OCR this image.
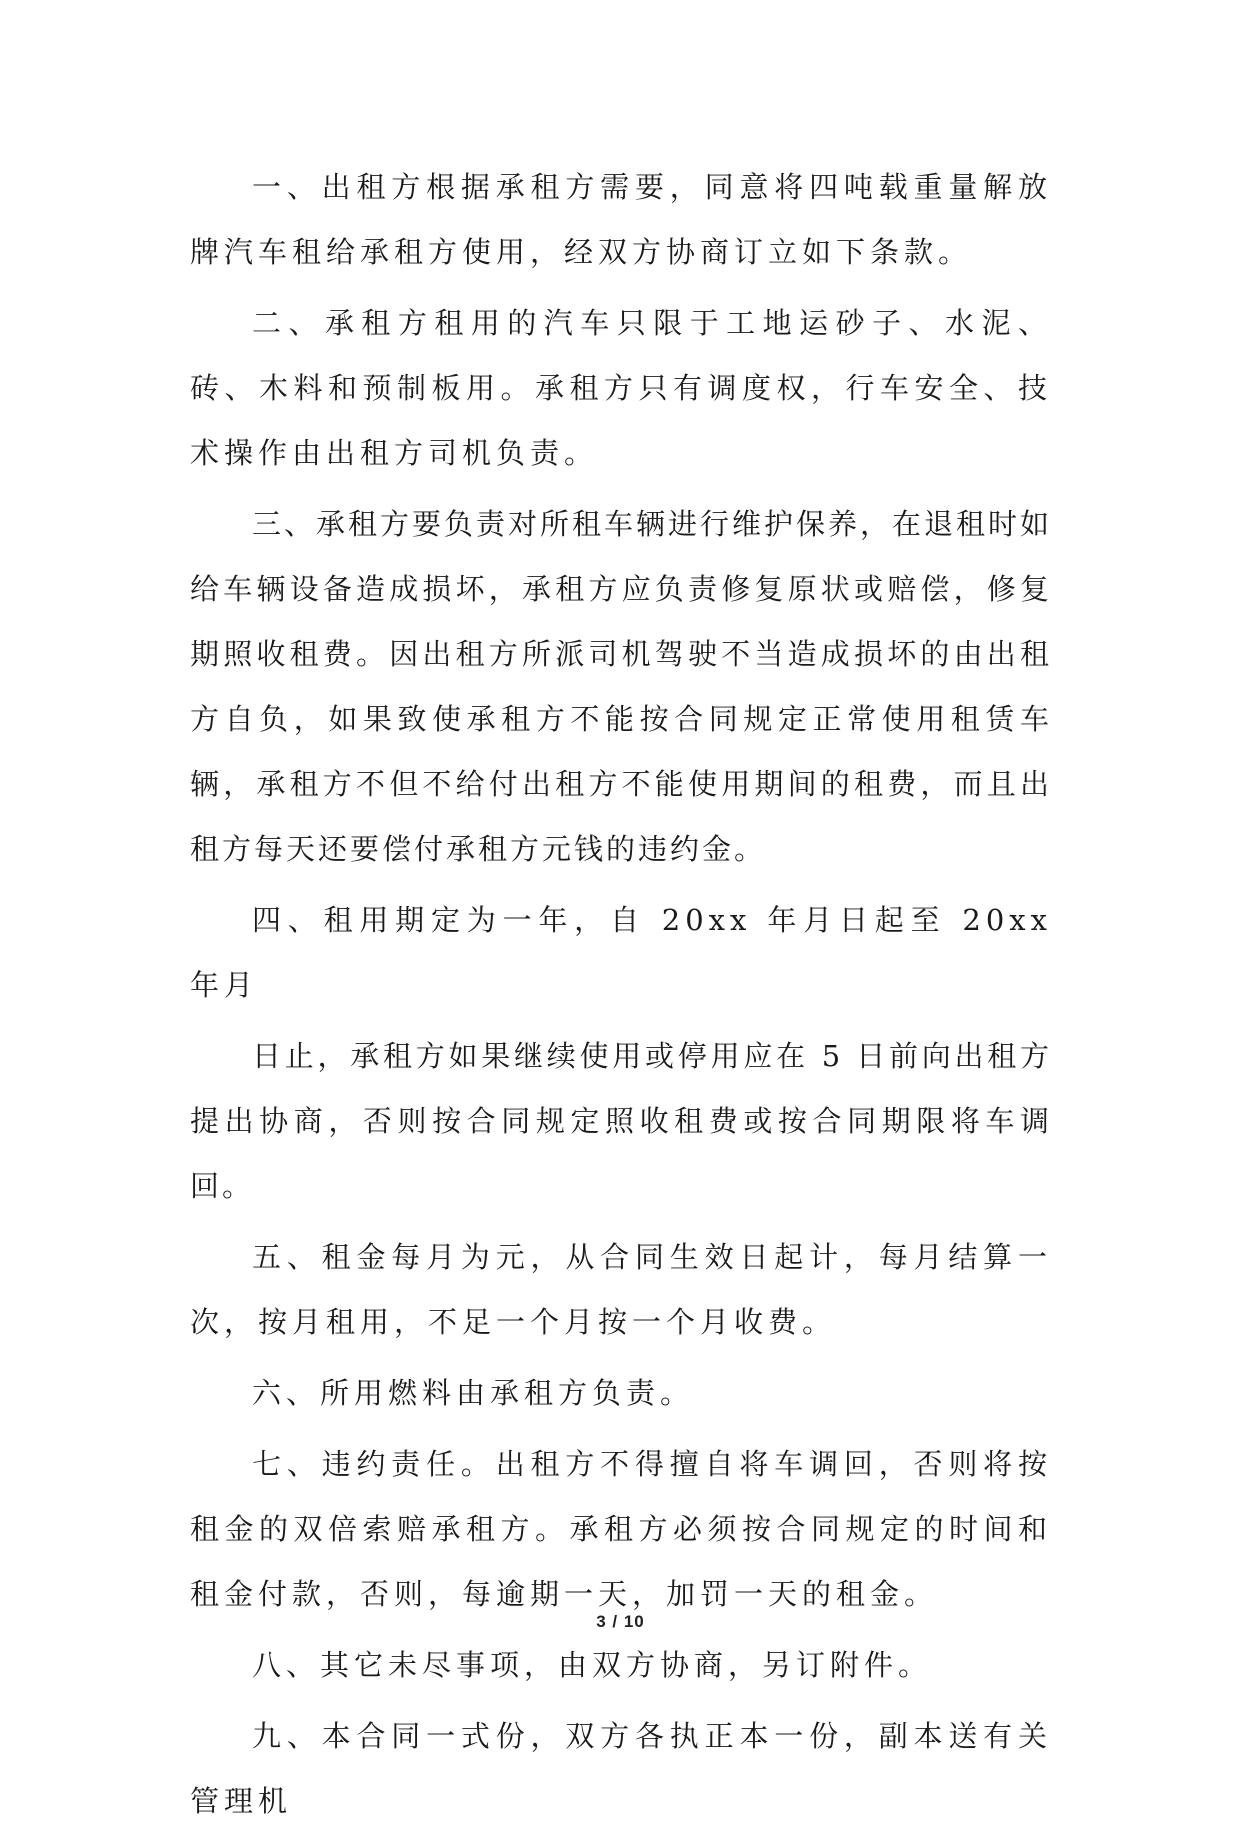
一、出租方根据承租方需要，同意将四吨载重量解放牌汽车租给承租方使用，经双方协商订立如下条款。

二、承租方租用的汽车只限于工地运砂子、水泥、砖、木料和预制板用。承租方只有调度权，行车安全、技术操作由出租方司机负责。

三、承租方要负责对所租车辆进行维护保养，在退租时如给车辆设备造成损坏，承租方应负责修复原状或赔偿，修复期照收租费。因出租方所派司机驾驶不当造成损坏的由出租方自负，如果致使承租方不能按合同规定正常使用租赁车辆，承租方不但不给付出租方不能使用期间的租费，而且出租方每天还要偿付承租方元钱的违约金。

四、租用期定为一年，自 20xx 年月日起至 20xx 年月

日止，承租方如果继续使用或停用应在 5 日前向出租方提出协商，否则按合同规定照收租费或按合同期限将车调回。

五、租金每月为元，从合同生效日起计，每月结算一次，按月租用，不足一个月按一个月收费。

六、所用燃料由承租方负责。

七、违约责任。出租方不得擅自将车调回，否则将按租金的双倍索赔承租方。承租方必须按合同规定的时间和租金付款，否则，每逾期一天，加罚一天的租金。

八、其它未尽事项，由双方协商，另订附件。

九、本合同一式份，双方各执正本一份，副本送有关管理机

3 / 10
